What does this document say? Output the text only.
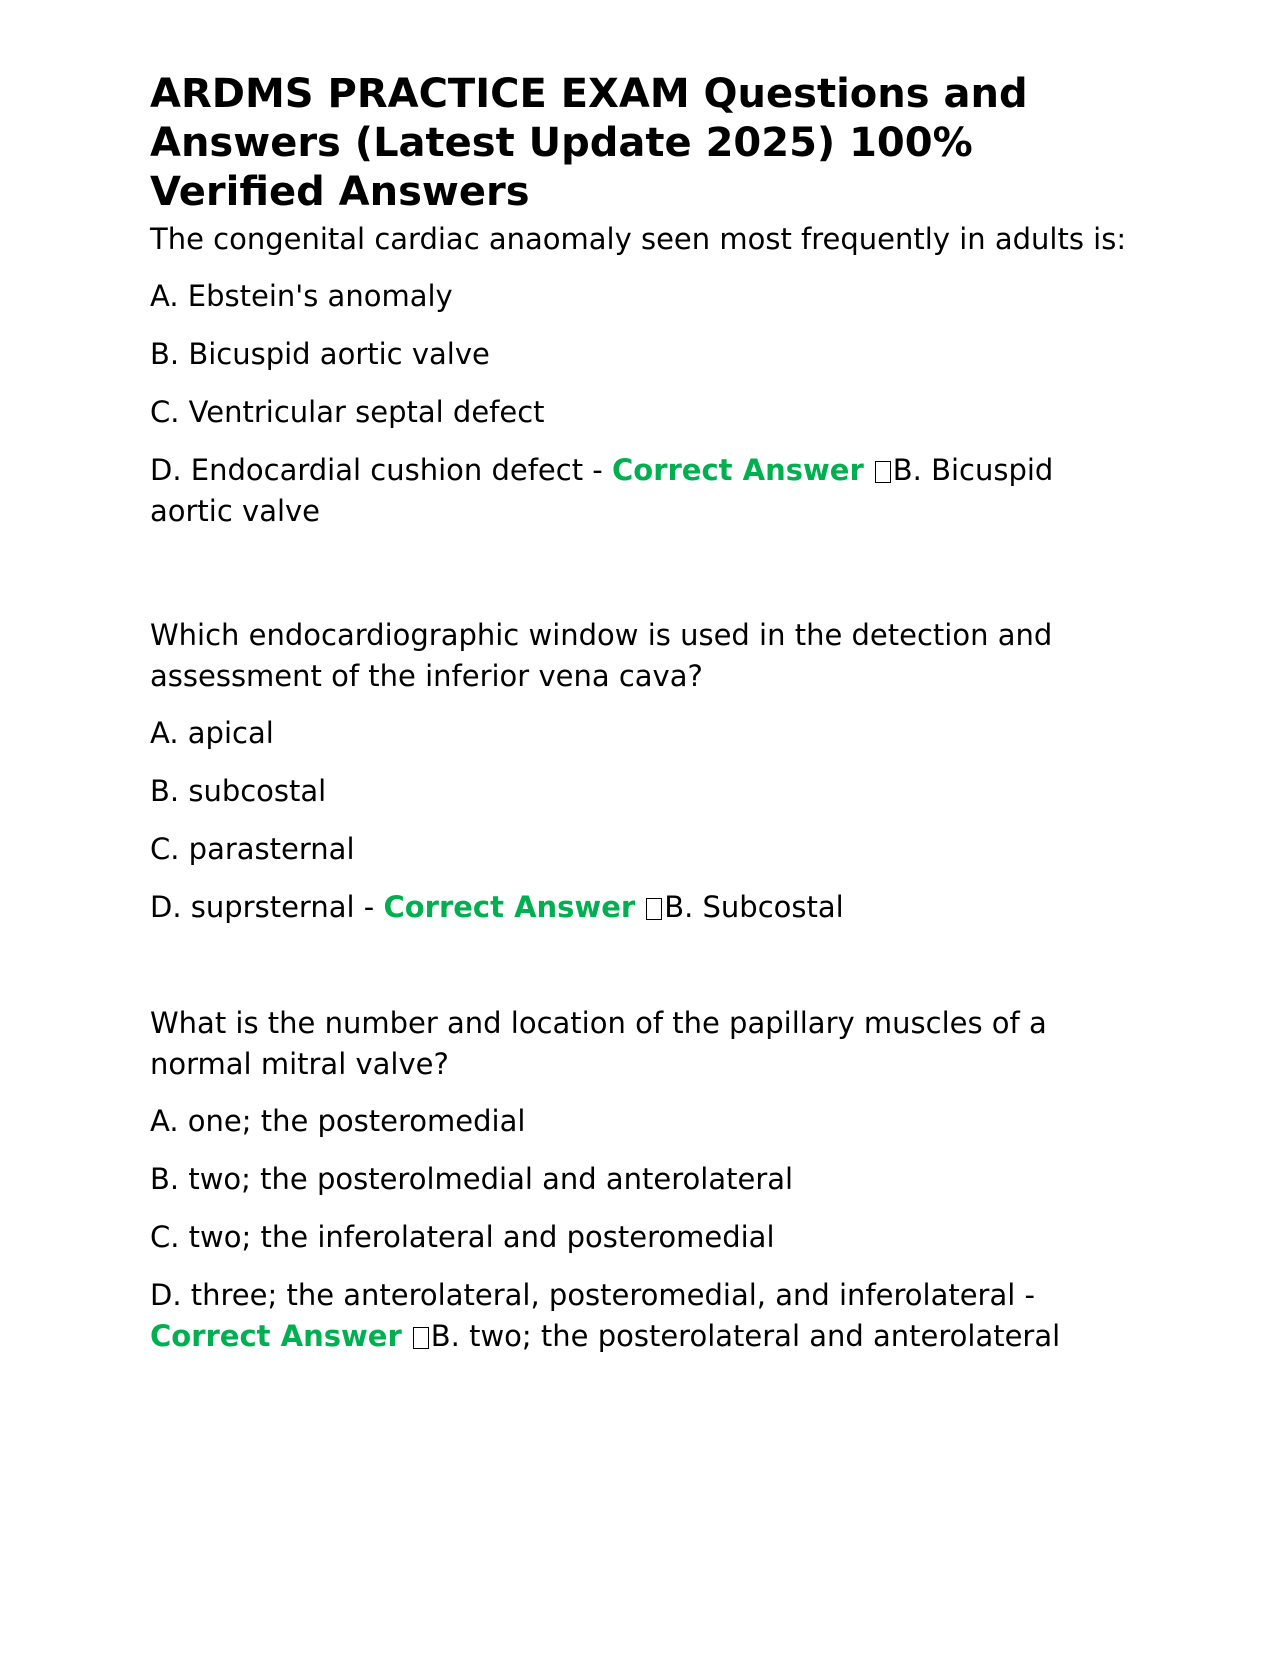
ARDMS PRACTICE EXAM Questions and Answers (Latest Update 2025) 100% Verified Answers

The congenital cardiac anaomaly seen most frequently in adults is:

A. Ebstein's anomaly

B. Bicuspid aortic valve

C. Ventricular septal defect

D. Endocardial cushion defect - Correct Answer B. Bicuspid aortic valve

Which endocardiographic window is used in the detection and assessment of the inferior vena cava?

A. apical

B. subcostal

C. parasternal

D. suprsternal - Correct Answer B. Subcostal

What is the number and location of the papillary muscles of a normal mitral valve?

A. one; the posteromedial

B. two; the posterolmedial and anterolateral

C. two; the inferolateral and posteromedial

D. three; the anterolateral, posteromedial, and inferolateral - Correct Answer B. two; the posterolateral and anterolateral
